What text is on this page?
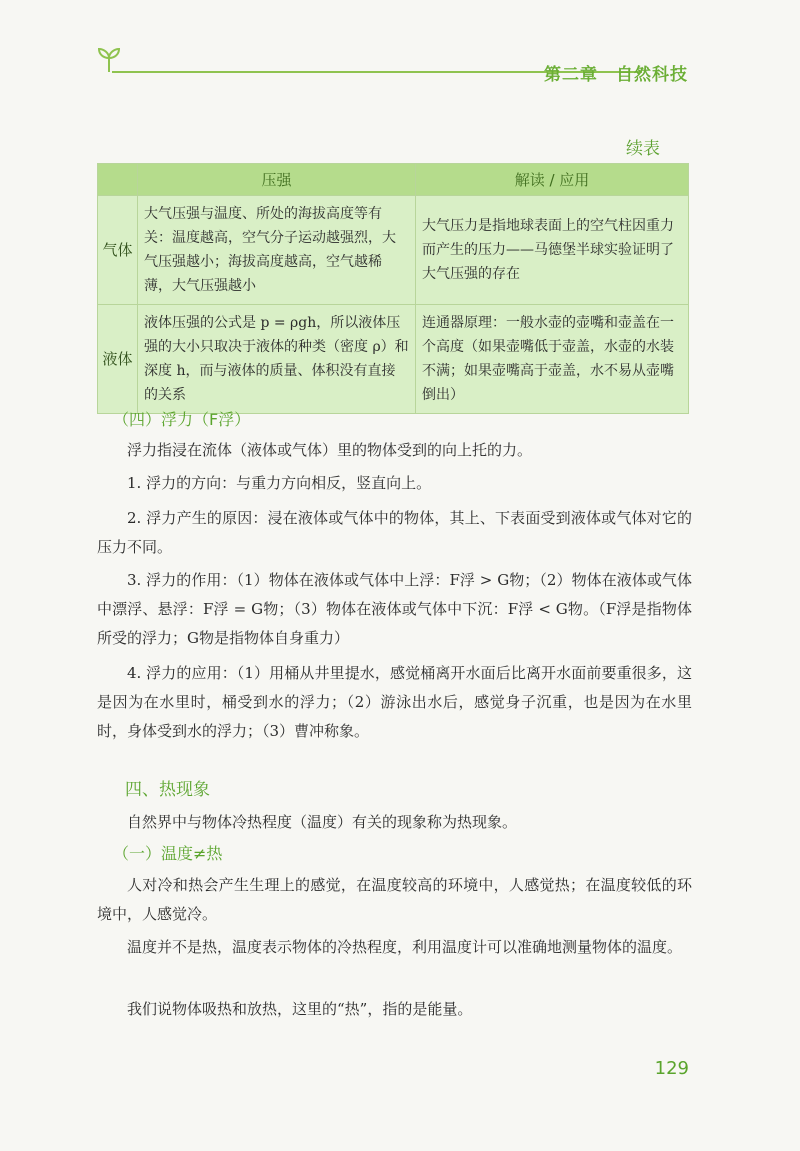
第二章　自然科技
续表
	压强	解读 / 应用
气体	大气压强与温度、所处的海拔高度等有关：温度越高，空气分子运动越强烈，大气压强越小；海拔高度越高，空气越稀薄，大气压强越小	大气压力是指地球表面上的空气柱因重力而产生的压力——马德堡半球实验证明了大气压强的存在
液体	液体压强的公式是 p = ρgh，所以液体压强的大小只取决于液体的种类（密度 ρ）和深度 h，而与液体的质量、体积没有直接的关系	连通器原理：一般水壶的壶嘴和壶盖在一个高度（如果壶嘴低于壶盖，水壶的水装不满；如果壶嘴高于壶盖，水不易从壶嘴倒出）
（四）浮力（F浮）

浮力指浸在流体（液体或气体）里的物体受到的向上托的力。

1. 浮力的方向：与重力方向相反，竖直向上。

2. 浮力产生的原因：浸在液体或气体中的物体，其上、下表面受到液体或气体对它的压力不同。

3. 浮力的作用：（1）物体在液体或气体中上浮：F浮 > G物；（2）物体在液体或气体中漂浮、悬浮：F浮 = G物；（3）物体在液体或气体中下沉：F浮 < G物。（F浮是指物体所受的浮力；G物是指物体自身重力）

4. 浮力的应用：（1）用桶从井里提水，感觉桶离开水面后比离开水面前要重很多，这是因为在水里时，桶受到水的浮力；（2）游泳出水后，感觉身子沉重，也是因为在水里时，身体受到水的浮力；（3）曹冲称象。

四、热现象

自然界中与物体冷热程度（温度）有关的现象称为热现象。

（一）温度≠热

人对冷和热会产生生理上的感觉，在温度较高的环境中，人感觉热；在温度较低的环境中，人感觉冷。

温度并不是热，温度表示物体的冷热程度，利用温度计可以准确地测量物体的温度。

我们说物体吸热和放热，这里的“热”，指的是能量。

129
